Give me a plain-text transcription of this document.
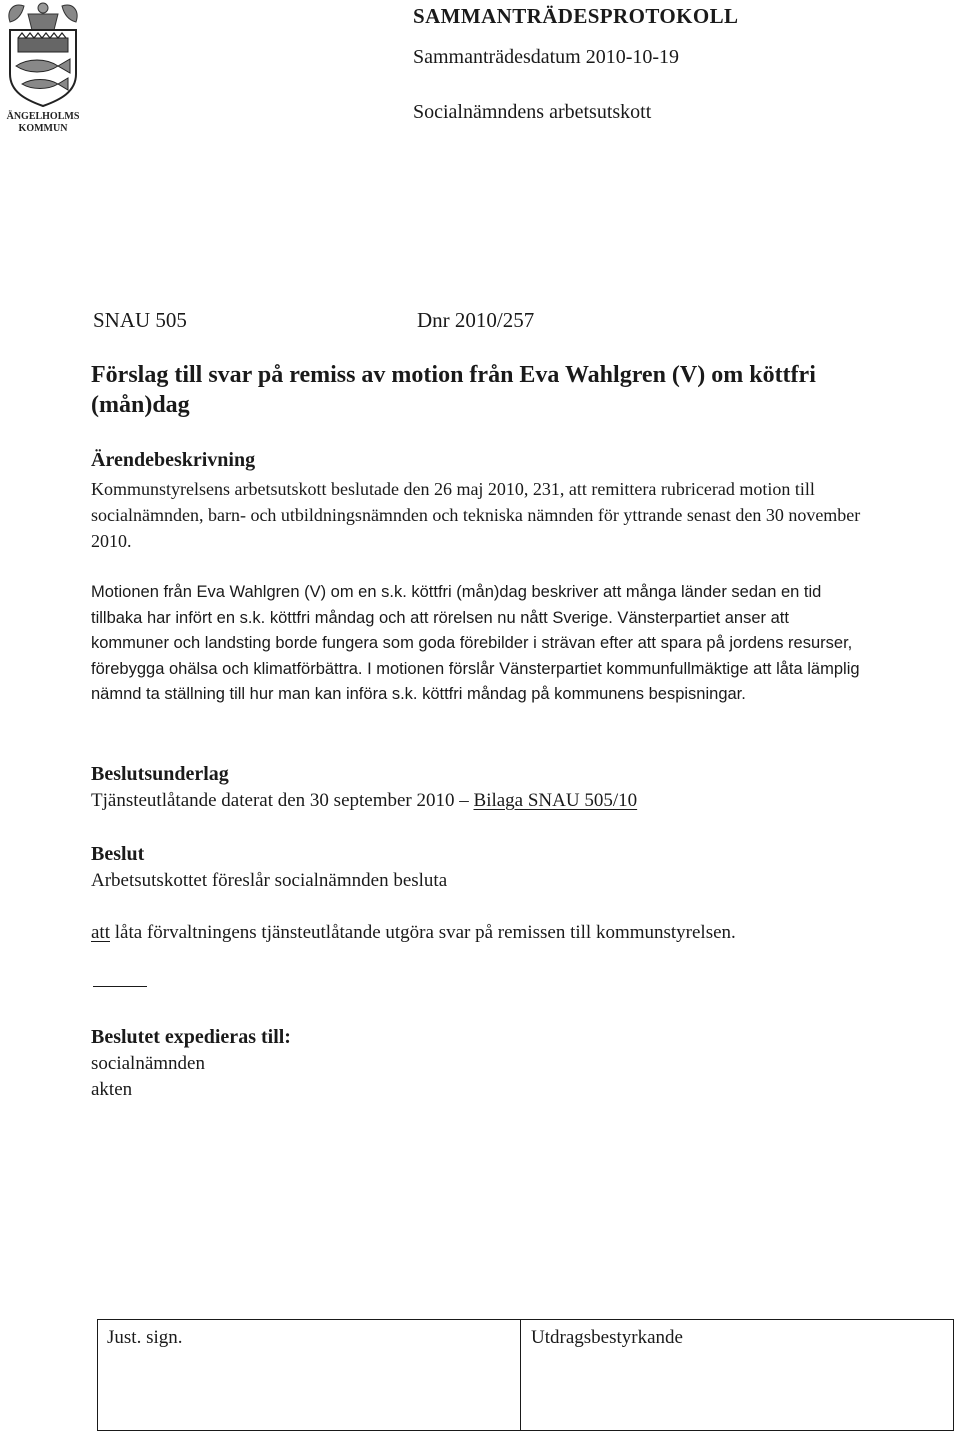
ÄNGELHOLMS
KOMMUN
SAMMANTRÄDESPROTOKOLL
Sammanträdesdatum 2010-10-19
Socialnämndens arbetsutskott
SNAU 505	Dnr 2010/257
Förslag till svar på remiss av motion från Eva Wahlgren (V) om köttfri (mån)dag
Ärendebeskrivning
Kommunstyrelsens arbetsutskott beslutade den 26 maj 2010, 231, att remittera rubricerad motion till socialnämnden, barn- och utbildningsnämnden och tekniska nämnden för yttrande senast den 30 november 2010.
Motionen från Eva Wahlgren (V) om en s.k. köttfri (mån)dag beskriver att många länder sedan en tid tillbaka har infört en s.k. köttfri måndag och att rörelsen nu nått Sverige. Vänsterpartiet anser att kommuner och landsting borde fungera som goda förebilder i strävan efter att spara på jordens resurser, förebygga ohälsa och klimatförbättra. I motionen förslår Vänsterpartiet kommunfullmäktige att låta lämplig nämnd ta ställning till hur man kan införa s.k. köttfri måndag på kommunens bespisningar.
Beslutsunderlag
Tjänsteutlåtande daterat den 30 september 2010 – Bilaga SNAU 505/10
Beslut
Arbetsutskottet föreslår socialnämnden besluta
att låta förvaltningens tjänsteutlåtande utgöra svar på remissen till kommunstyrelsen.
Beslutet expedieras till:
socialnämnden
akten
Just. sign.	Utdragsbestyrkande
